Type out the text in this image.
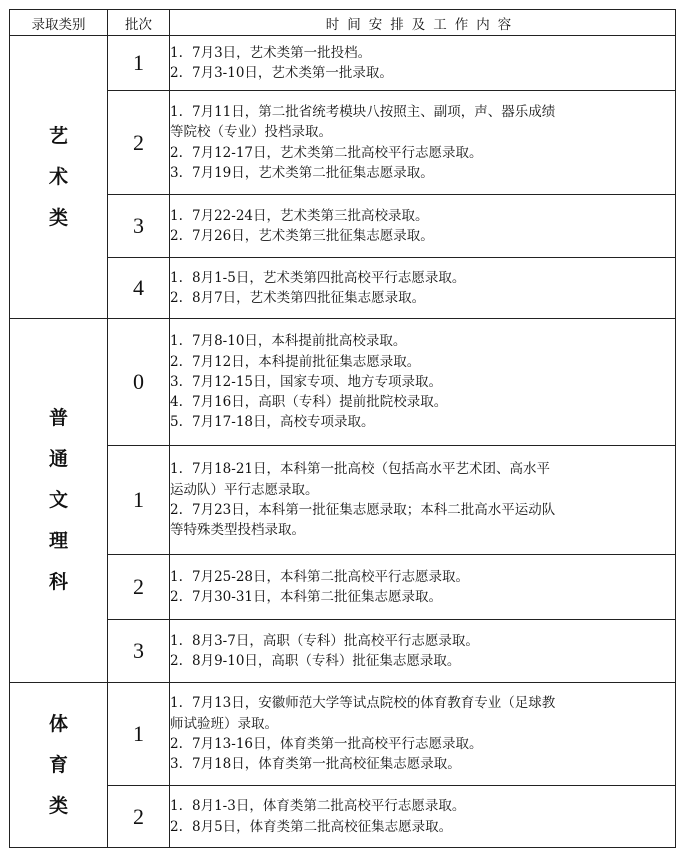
录取类别	批次	时间安排及工作内容

艺
术
类	1	1. 7月3日，艺术类第一批投档。
2. 7月3-10日，艺术类第一批录取。

	2	1. 7月11日，第二批省统考模块八按照主、副项，声、器乐成绩
等院校（专业）投档录取。
2. 7月12-17日，艺术类第二批高校平行志愿录取。
3. 7月19日，艺术类第二批征集志愿录取。

	3	1. 7月22-24日，艺术类第三批高校录取。
2. 7月26日，艺术类第三批征集志愿录取。

	4	1. 8月1-5日，艺术类第四批高校平行志愿录取。
2. 8月7日，艺术类第四批征集志愿录取。

普
通
文
理
科	0	1. 7月8-10日，本科提前批高校录取。
2. 7月12日，本科提前批征集志愿录取。
3. 7月12-15日，国家专项、地方专项录取。
4. 7月16日，高职（专科）提前批院校录取。
5. 7月17-18日，高校专项录取。

	1	1. 7月18-21日，本科第一批高校（包括高水平艺术团、高水平
运动队）平行志愿录取。
2. 7月23日，本科第一批征集志愿录取；本科二批高水平运动队
等特殊类型投档录取。

	2	1. 7月25-28日，本科第二批高校平行志愿录取。
2. 7月30-31日，本科第二批征集志愿录取。

	3	1. 8月3-7日，高职（专科）批高校平行志愿录取。
2. 8月9-10日，高职（专科）批征集志愿录取。

体
育
类	1	1. 7月13日，安徽师范大学等试点院校的体育教育专业（足球教
师试验班）录取。
2. 7月13-16日，体育类第一批高校平行志愿录取。
3. 7月18日，体育类第一批高校征集志愿录取。

	2	1. 8月1-3日，体育类第二批高校平行志愿录取。
2. 8月5日，体育类第二批高校征集志愿录取。
